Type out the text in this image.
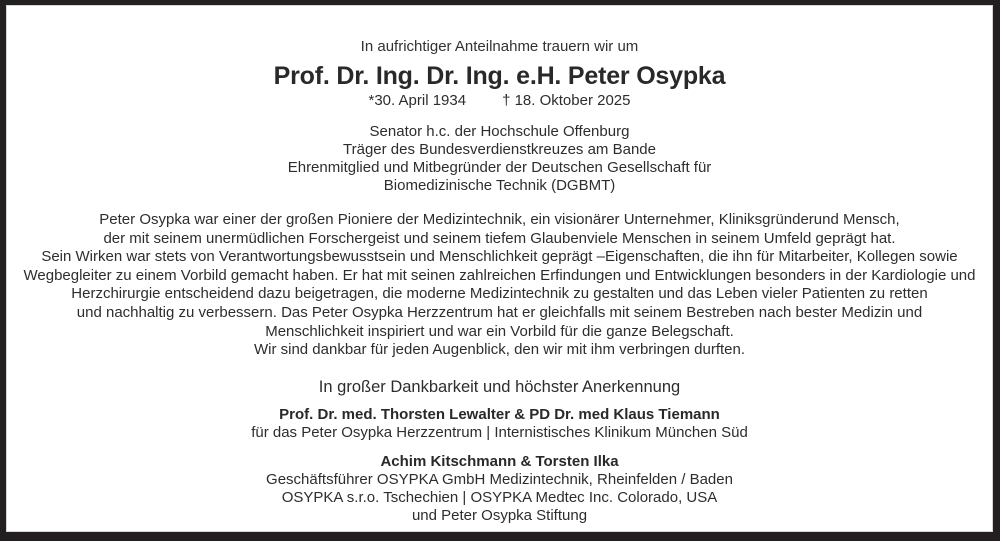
In aufrichtiger Anteilnahme trauern wir um
Prof. Dr. Ing. Dr. Ing. e.H. Peter Osypka
*30. April 1934 † 18. Oktober 2025
Senator h.c. der Hochschule Offenburg
Träger des Bundesverdienstkreuzes am Bande
Ehrenmitglied und Mitbegründer der Deutschen Gesellschaft für
Biomedizinische Technik (DGBMT)
Peter Osypka war einer der großen Pioniere der Medizintechnik, ein visionärer Unternehmer, Kliniksgründerund Mensch,
der mit seinem unermüdlichen Forschergeist und seinem tiefem Glaubenviele Menschen in seinem Umfeld geprägt hat.
Sein Wirken war stets von Verantwortungsbewusstsein und Menschlichkeit geprägt –Eigenschaften, die ihn für Mitarbeiter, Kollegen sowie
Wegbegleiter zu einem Vorbild gemacht haben. Er hat mit seinen zahlreichen Erfindungen und Entwicklungen besonders in der Kardiologie und
Herzchirurgie entscheidend dazu beigetragen, die moderne Medizintechnik zu gestalten und das Leben vieler Patienten zu retten
und nachhaltig zu verbessern. Das Peter Osypka Herzzentrum hat er gleichfalls mit seinem Bestreben nach bester Medizin und
Menschlichkeit inspiriert und war ein Vorbild für die ganze Belegschaft.
Wir sind dankbar für jeden Augenblick, den wir mit ihm verbringen durften.
In großer Dankbarkeit und höchster Anerkennung
Prof. Dr. med. Thorsten Lewalter & PD Dr. med Klaus Tiemann
für das Peter Osypka Herzzentrum | Internistisches Klinikum München Süd
Achim Kitschmann & Torsten Ilka
Geschäftsführer OSYPKA GmbH Medizintechnik, Rheinfelden / Baden
OSYPKA s.r.o. Tschechien | OSYPKA Medtec Inc. Colorado, USA
und Peter Osypka Stiftung
